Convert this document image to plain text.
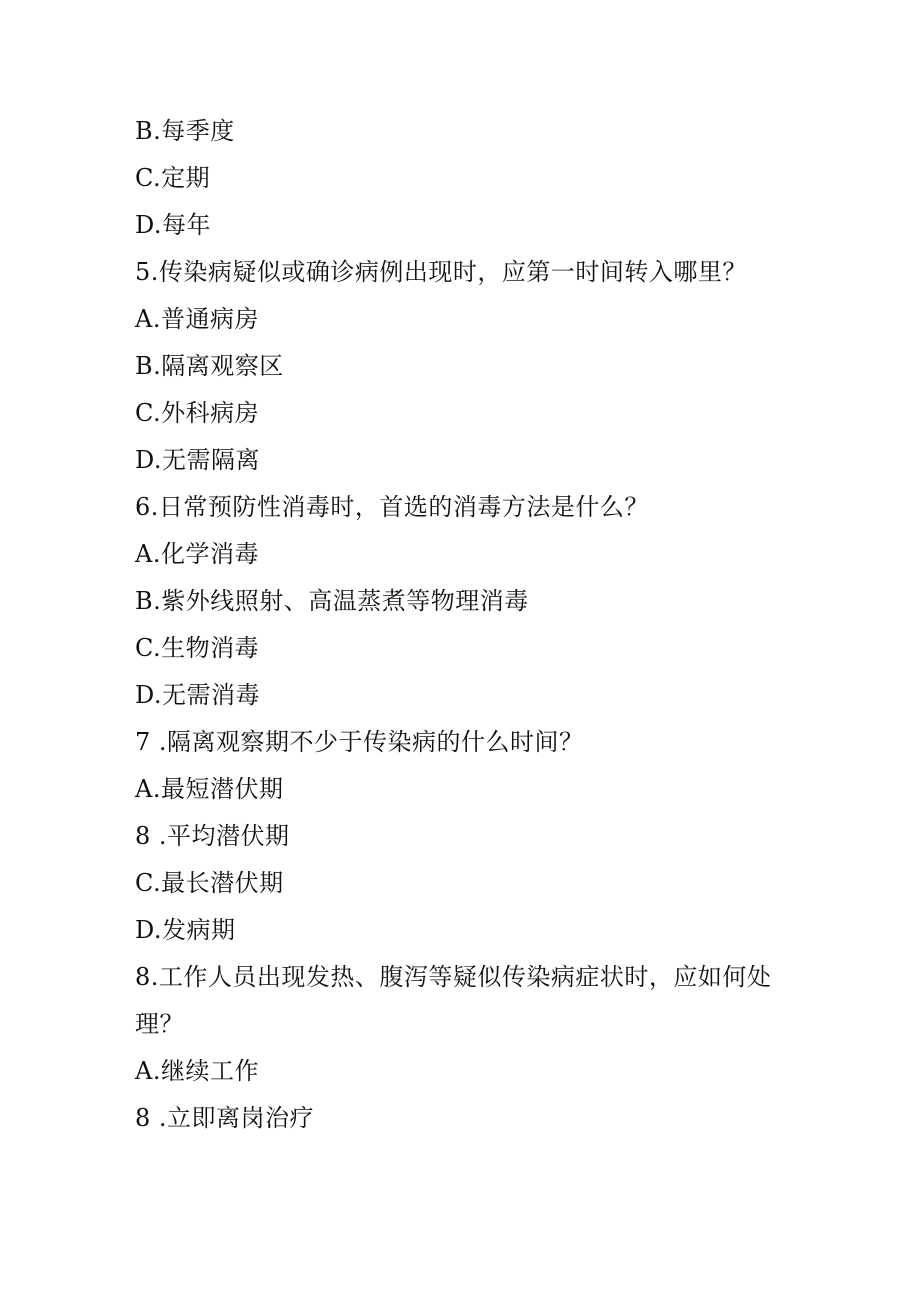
B.每季度
C.定期
D.每年
5.传染病疑似或确诊病例出现时，应第一时间转入哪里？
A.普通病房
B.隔离观察区
C.外科病房
D.无需隔离
6.日常预防性消毒时，首选的消毒方法是什么？
A.化学消毒
B.紫外线照射、高温蒸煮等物理消毒
C.生物消毒
D.无需消毒
7 .隔离观察期不少于传染病的什么时间？
A.最短潜伏期
8 .平均潜伏期
C.最长潜伏期
D.发病期
8.工作人员出现发热、腹泻等疑似传染病症状时，应如何处理？
A.继续工作
8 .立即离岗治疗
